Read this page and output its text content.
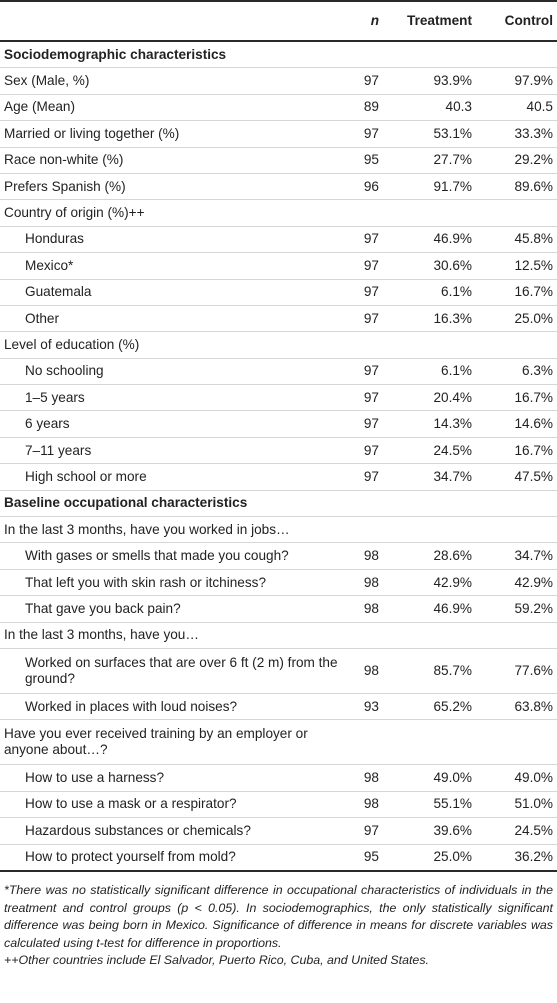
	n	Treatment	Control
Sociodemographic characteristics			
Sex (Male, %)	97	93.9%	97.9%
Age (Mean)	89	40.3	40.5
Married or living together (%)	97	53.1%	33.3%
Race non-white (%)	95	27.7%	29.2%
Prefers Spanish (%)	96	91.7%	89.6%
Country of origin (%)++			
Honduras	97	46.9%	45.8%
Mexico*	97	30.6%	12.5%
Guatemala	97	6.1%	16.7%
Other	97	16.3%	25.0%
Level of education (%)			
No schooling	97	6.1%	6.3%
1–5 years	97	20.4%	16.7%
6 years	97	14.3%	14.6%
7–11 years	97	24.5%	16.7%
High school or more	97	34.7%	47.5%
Baseline occupational characteristics			
In the last 3 months, have you worked in jobs…			
With gases or smells that made you cough?	98	28.6%	34.7%
That left you with skin rash or itchiness?	98	42.9%	42.9%
That gave you back pain?	98	46.9%	59.2%
In the last 3 months, have you…			
Worked on surfaces that are over 6 ft (2 m) from the ground?	98	85.7%	77.6%
Worked in places with loud noises?	93	65.2%	63.8%
Have you ever received training by an employer or anyone about…?			
How to use a harness?	98	49.0%	49.0%
How to use a mask or a respirator?	98	55.1%	51.0%
Hazardous substances or chemicals?	97	39.6%	24.5%
How to protect yourself from mold?	95	25.0%	36.2%

*There was no statistically significant difference in occupational characteristics of individuals in the treatment and control groups (p < 0.05). In sociodemographics, the only statistically significant difference was being born in Mexico. Significance of difference in means for discrete variables was calculated using t-test for difference in proportions.

++Other countries include El Salvador, Puerto Rico, Cuba, and United States.
